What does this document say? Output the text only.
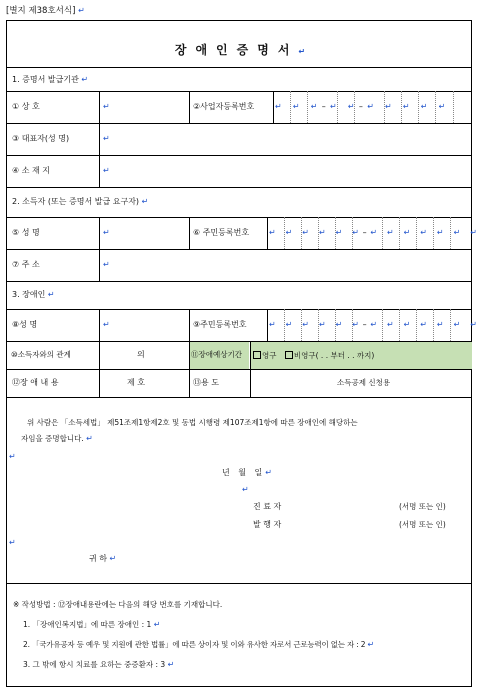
[별지 제38호서식] ↵
장애인증명서↵
1. 증명서 발급기관 ↵
① 상 호	↵	②사업자등록번호	↵ ↵ ↵–↵ ↵–↵ ↵ ↵ ↵ ↵
③ 대표자(성 명)	↵
④ 소 재 지	↵
2. 소득자 (또는 증명서 발급 요구자) ↵
⑤ 성 명	↵	⑥ 주민등록번호 ↵ ↵ ↵ ↵ ↵ ↵–↵ ↵ ↵ ↵ ↵ ↵ ↵
⑦ 주 소	↵
3. 장애인 ↵
⑧성 명	↵	⑨주민등록번호	↵ ↵ ↵ ↵ ↵ ↵–↵ ↵ ↵ ↵ ↵ ↵ ↵
⑩소득자와의 관계	의	⑪장애예상기간	영구 비영구( . . 부터 . . 까지)
⑫장 애 내 용	제 호	⑬용 도	소득공제 신청용
위 사람은 「소득세법」 제51조제1항제2호 및 동법 시행령 제107조제1항에 따른 장애인에 해당하는
자임을 증명합니다. ↵
↵
년 월 일↵
↵
진 료 자	(서명 또는 인)
발 행 자	(서명 또는 인)
↵
귀 하 ↵
※ 작성방법 : ⑫장애내용란에는 다음의 해당 번호를 기재합니다.
1. 「장애인복지법」에 따른 장애인 : 1 ↵
2. 「국가유공자 등 예우 및 지원에 관한 법률」에 따른 상이자 및 이와 유사한 자로서 근로능력이 없는 자 : 2 ↵
3. 그 밖에 항시 치료를 요하는 중증환자 : 3 ↵
